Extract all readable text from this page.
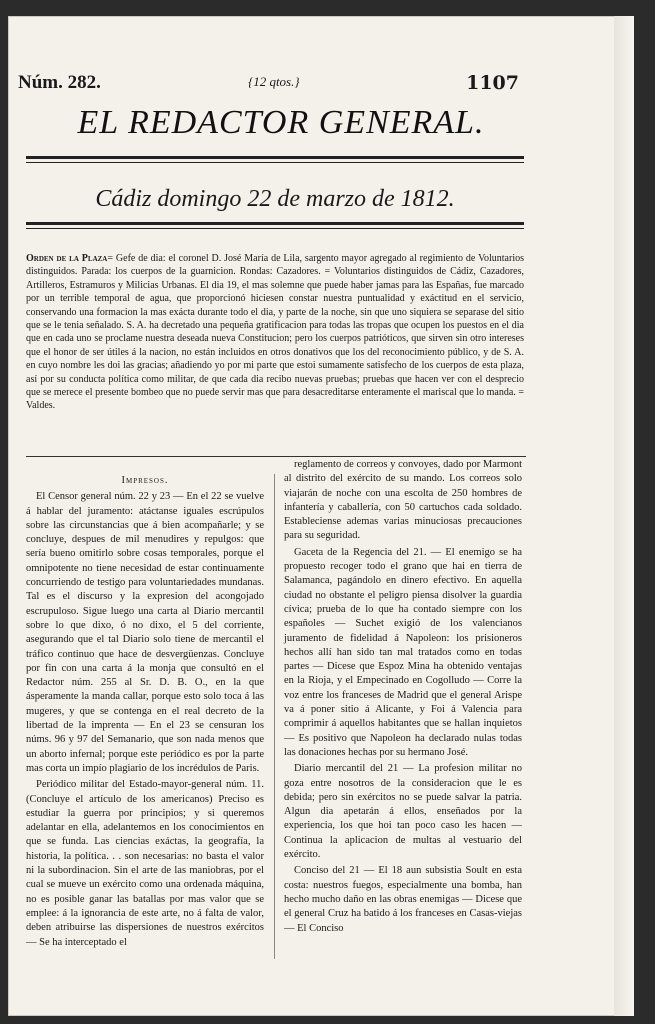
Núm. 282.	{12 qtos.}	1107
EL REDACTOR GENERAL.
Cádiz domingo 22 de marzo de 1812.
Orden de la Plaza= Gefe de dia: el coronel D. José María de Lila, sargento mayor agregado al regimiento de Voluntarios distinguidos. Parada: los cuerpos de la guarnicion. Rondas: Cazadores. = Voluntarios distinguidos de Cádiz, Cazadores, Artilleros, Estramuros y Milicias Urbanas. El dia 19, el mas solemne que puede haber jamas para las Españas, fue marcado por un terrible temporal de agua, que proporcionó hiciesen constar nuestra puntualidad y exáctitud en el servicio, conservando una formacion la mas exácta durante todo el dia, y parte de la noche, sin que uno siquiera se separase del sitio que se le tenia señalado. S. A. ha decretado una pequeña gratificacion para todas las tropas que ocupen los puestos en el dia que en cada uno se proclame nuestra deseada nueva Constitucion; pero los cuerpos patrióticos, que sirven sin otro intereses que el honor de ser útiles á la nacion, no están incluidos en otros donativos que los del reconocimiento público, y de S. A. en cuyo nombre les doi las gracias; añadiendo yo por mi parte que estoi sumamente satisfecho de los cuerpos de esta plaza, así por su conducta política como militar, de que cada dia recibo nuevas pruebas; pruebas que hacen ver con el desprecio que se merece el presente bombeo que no puede servir mas que para desacreditarse enteramente el mariscal que lo manda. = Valdes.

Impresos.

El Censor general núm. 22 y 23 — En el 22 se vuelve á hablar del juramento: atáctanse iguales escrúpulos sobre las circunstancias que á bien acompañarle; y se concluye, despues de mil menudires y repulgos: que sería bueno omitirlo sobre cosas temporales, porque el omnipotente no tiene necesidad de estar continuamente concurriendo de testigo para voluntariedades mundanas. Tal es el discurso y la expresion del acongojado escrupuloso. Sigue luego una carta al Diario mercantil sobre lo que dixo, ó no dixo, el 5 del corriente, asegurando que el tal Diario solo tiene de mercantil el tráfico continuo que hace de desvergüenzas. Concluye por fin con una carta á la monja que consultó en el Redactor núm. 255 al Sr. D. B. O., en la que ásperamente la manda callar, porque esto solo toca á las mugeres, y que se contenga en el real decreto de la libertad de la imprenta — En el 23 se censuran los núms. 96 y 97 del Semanario, que son nada menos que un aborto infernal; porque este periódico es por la parte mas corta un impío plagiario de los incrédulos de Paris.

Periódico militar del Estado-mayor-general núm. 11. (Concluye el artículo de los americanos) Preciso es estudiar la guerra por principios; y si queremos adelantar en ella, adelantemos en los conocimientos en que se funda. Las ciencias exáctas, la geografía, la historia, la política. . . son necesarias: no basta el valor ni la subordinacion. Sin el arte de las maniobras, por el cual se mueve un exército como una ordenada máquina, no es posible ganar las batallas por mas valor que se emplee: á la ignorancia de este arte, no á falta de valor, deben atribuirse las dispersiones de nuestros exércitos — Se ha interceptado el

reglamento de correos y convoyes, dado por Marmont al distrito del exército de su mando. Los correos solo viajarán de noche con una escolta de 250 hombres de infantería y caballería, con 50 cartuchos cada soldado. Estableciense ademas varias minuciosas precauciones para su seguridad.

Gaceta de la Regencia del 21. — El enemigo se ha propuesto recoger todo el grano que hai en tierra de Salamanca, pagándolo en dinero efectivo. En aquella ciudad no obstante el peligro piensa disolver la guardia cívica; prueba de lo que ha contado siempre con los españoles — Suchet exigió de los valencianos juramento de fidelidad á Napoleon: los prisioneros hechos allí han sido tan mal tratados como en todas partes — Dicese que Espoz Mina ha obtenido ventajas en la Rioja, y el Empecinado en Cogolludo — Corre la voz entre los franceses de Madrid que el general Arispe va á poner sitio á Alicante, y Foi á Valencia para comprimir á aquellos habitantes que se hallan inquietos — Es positivo que Napoleon ha declarado nulas todas las donaciones hechas por su hermano José.

Diario mercantil del 21 — La profesion militar no goza entre nosotros de la consideracion que le es debida; pero sin exércitos no se puede salvar la patria. Algun dia apetarán á ellos, enseñados por la experiencia, los que hoi tan poco caso les hacen — Continua la aplicacion de multas al vestuario del exército.

Concisо del 21 — El 18 aun subsistia Soult en esta costa: nuestros fuegos, especialmente una bomba, han hecho mucho daño en las obras enemigas — Dicese que el general Cruz ha batido á los franceses en Casas-viejas — El Conciso
